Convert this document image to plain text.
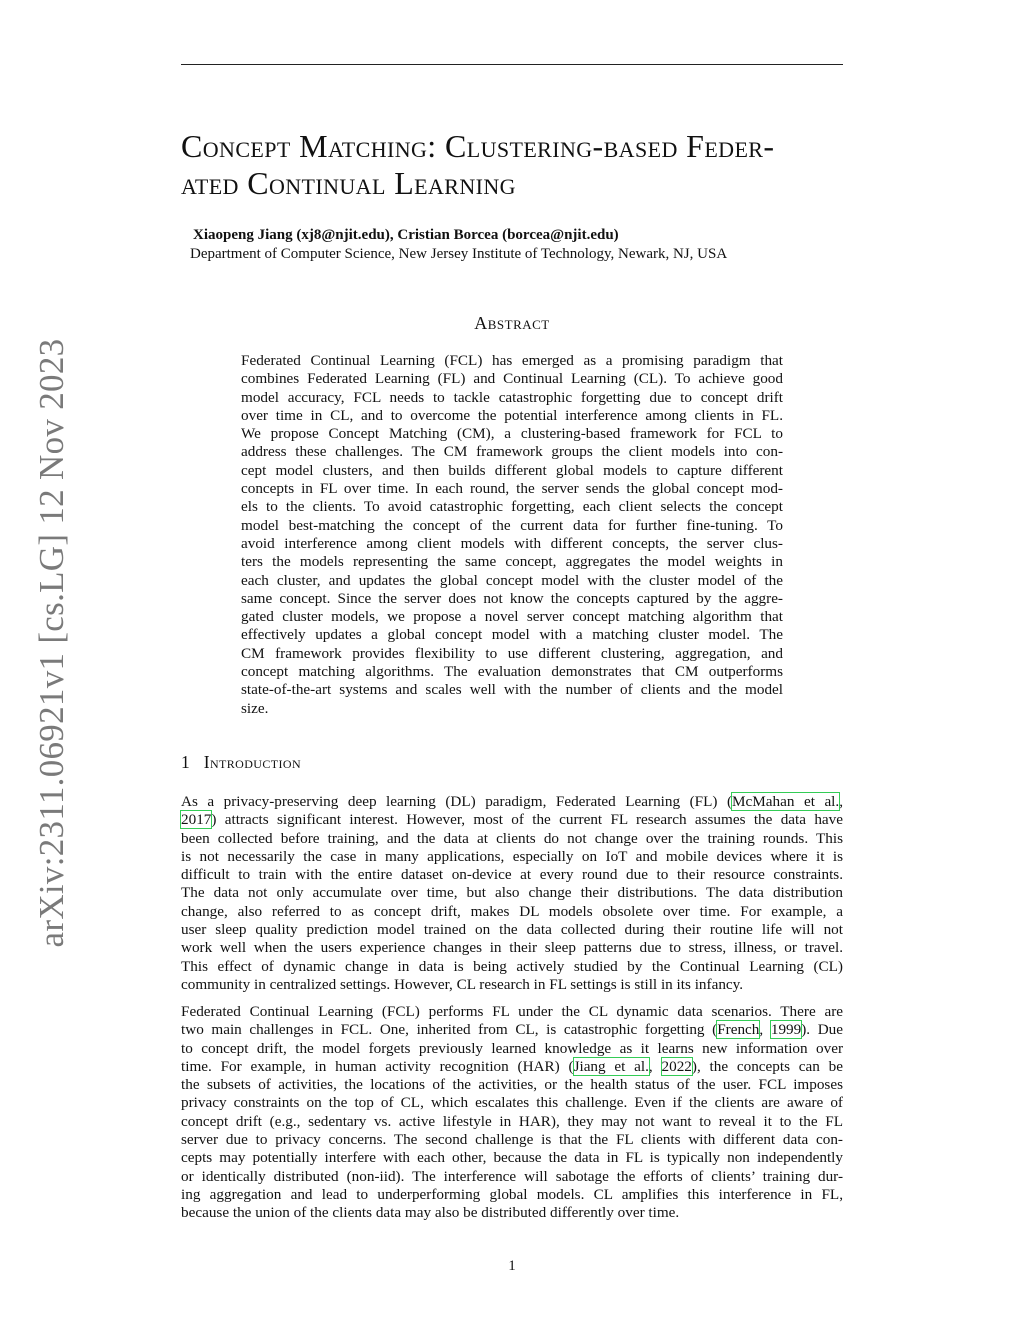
arXiv:2311.06921v1 [cs.LG] 12 Nov 2023
Concept Matching: Clustering-based Feder-
ated Continual Learning
Xiaopeng Jiang (xj8@njit.edu), Cristian Borcea (borcea@njit.edu)
Department of Computer Science, New Jersey Institute of Technology, Newark, NJ, USA
Abstract
Federated Continual Learning (FCL) has emerged as a promising paradigm that
combines Federated Learning (FL) and Continual Learning (CL). To achieve good
model accuracy, FCL needs to tackle catastrophic forgetting due to concept drift
over time in CL, and to overcome the potential interference among clients in FL.
We propose Concept Matching (CM), a clustering-based framework for FCL to
address these challenges. The CM framework groups the client models into con-
cept model clusters, and then builds different global models to capture different
concepts in FL over time. In each round, the server sends the global concept mod-
els to the clients. To avoid catastrophic forgetting, each client selects the concept
model best-matching the concept of the current data for further fine-tuning. To
avoid interference among client models with different concepts, the server clus-
ters the models representing the same concept, aggregates the model weights in
each cluster, and updates the global concept model with the cluster model of the
same concept. Since the server does not know the concepts captured by the aggre-
gated cluster models, we propose a novel server concept matching algorithm that
effectively updates a global concept model with a matching cluster model. The
CM framework provides flexibility to use different clustering, aggregation, and
concept matching algorithms. The evaluation demonstrates that CM outperforms
state-of-the-art systems and scales well with the number of clients and the model
size.
1 Introduction
As a privacy-preserving deep learning (DL) paradigm, Federated Learning (FL) (McMahan et al.,
2017) attracts significant interest. However, most of the current FL research assumes the data have
been collected before training, and the data at clients do not change over the training rounds. This
is not necessarily the case in many applications, especially on IoT and mobile devices where it is
difficult to train with the entire dataset on-device at every round due to their resource constraints.
The data not only accumulate over time, but also change their distributions. The data distribution
change, also referred to as concept drift, makes DL models obsolete over time. For example, a
user sleep quality prediction model trained on the data collected during their routine life will not
work well when the users experience changes in their sleep patterns due to stress, illness, or travel.
This effect of dynamic change in data is being actively studied by the Continual Learning (CL)
community in centralized settings. However, CL research in FL settings is still in its infancy.
Federated Continual Learning (FCL) performs FL under the CL dynamic data scenarios. There are
two main challenges in FCL. One, inherited from CL, is catastrophic forgetting (French, 1999). Due
to concept drift, the model forgets previously learned knowledge as it learns new information over
time. For example, in human activity recognition (HAR) (Jiang et al., 2022), the concepts can be
the subsets of activities, the locations of the activities, or the health status of the user. FCL imposes
privacy constraints on the top of CL, which escalates this challenge. Even if the clients are aware of
concept drift (e.g., sedentary vs. active lifestyle in HAR), they may not want to reveal it to the FL
server due to privacy concerns. The second challenge is that the FL clients with different data con-
cepts may potentially interfere with each other, because the data in FL is typically non independently
or identically distributed (non-iid). The interference will sabotage the efforts of clients’ training dur-
ing aggregation and lead to underperforming global models. CL amplifies this interference in FL,
because the union of the clients data may also be distributed differently over time.
1
